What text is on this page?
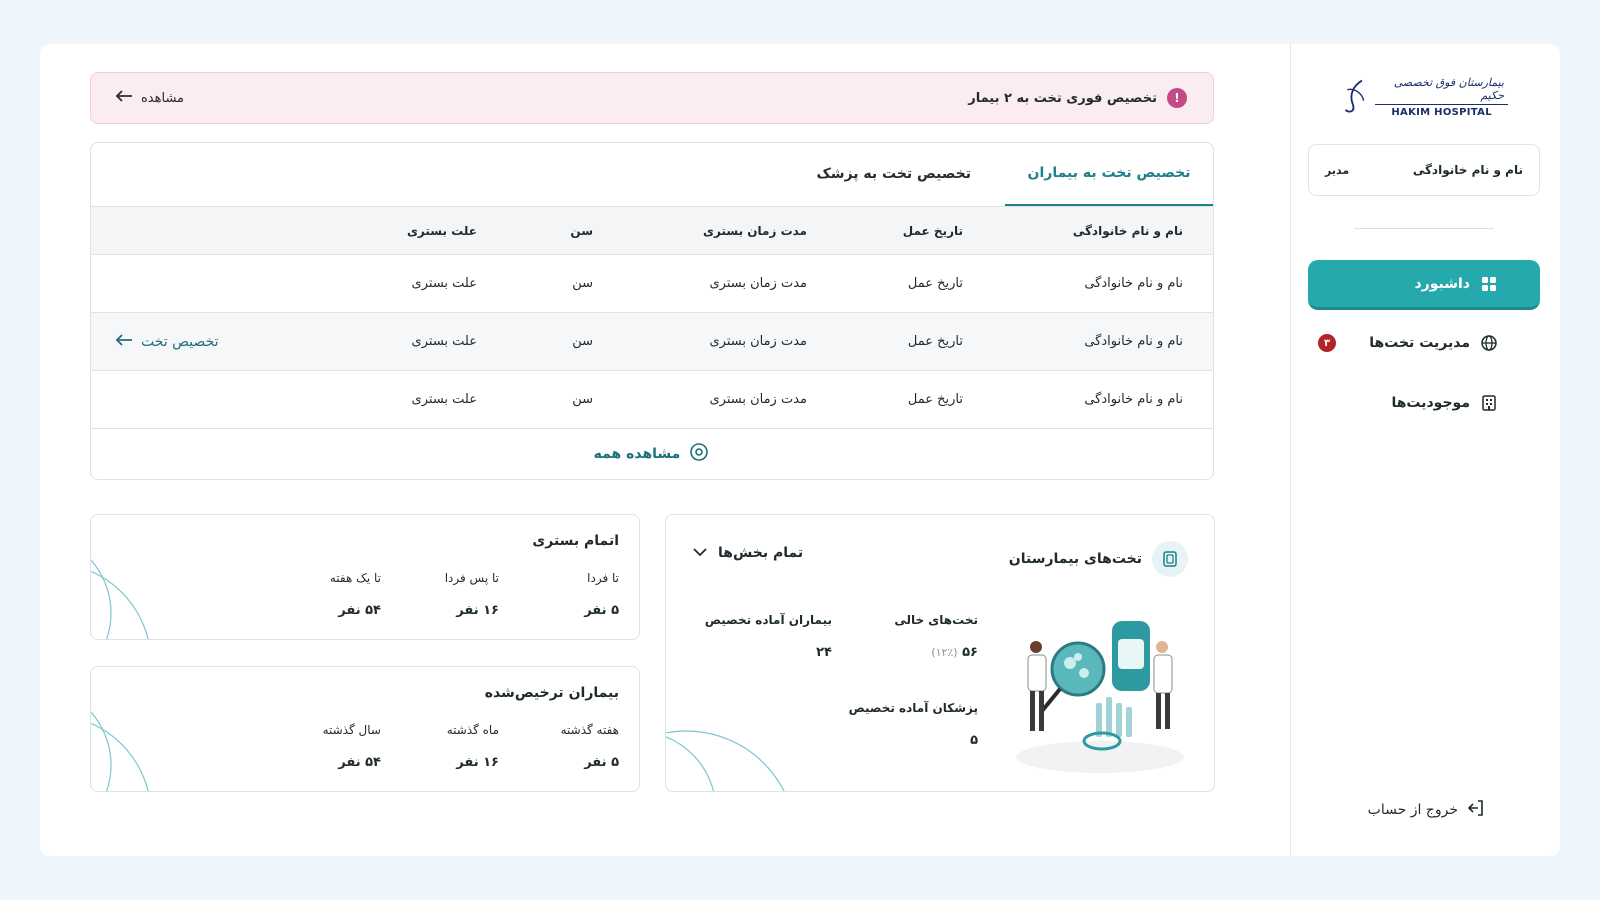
بیمارستان فوق تخصصی حکیم
HAKIM HOSPITAL
نام و نام خانوادگی
مدیر
داشبورد
مدیریت تخت‌ها
۳
موجودیت‌ها
خروج از حساب
!
تخصیص فوری تخت به ۲ بیمار
مشاهده
تخصیص تخت به بیماران
تخصیص تخت به پزشک
نام و نام خانوادگی
تاریخ عمل
مدت زمان بستری
سن
علت بستری
نام و نام خانوادگی
تاریخ عمل
مدت زمان بستری
سن
علت بستری
نام و نام خانوادگی
تاریخ عمل
مدت زمان بستری
سن
علت بستری
تخصیص تخت
نام و نام خانوادگی
تاریخ عمل
مدت زمان بستری
سن
علت بستری
مشاهده همه
تخت‌های بیمارستان
تمام بخش‌ها
تخت‌های خالی
۵۶ (۱۲٪)
بیماران آماده تخصیص
۲۴
پزشکان آماده تخصیص
۵
اتمام بستری
تا فردا
۵ نفر
تا پس فردا
۱۶ نفر
تا یک هفته
۵۴ نفر
بیماران ترخیص‌شده
هفته گذشته
۵ نفر
ماه گذشته
۱۶ نفر
سال گذشته
۵۴ نفر
